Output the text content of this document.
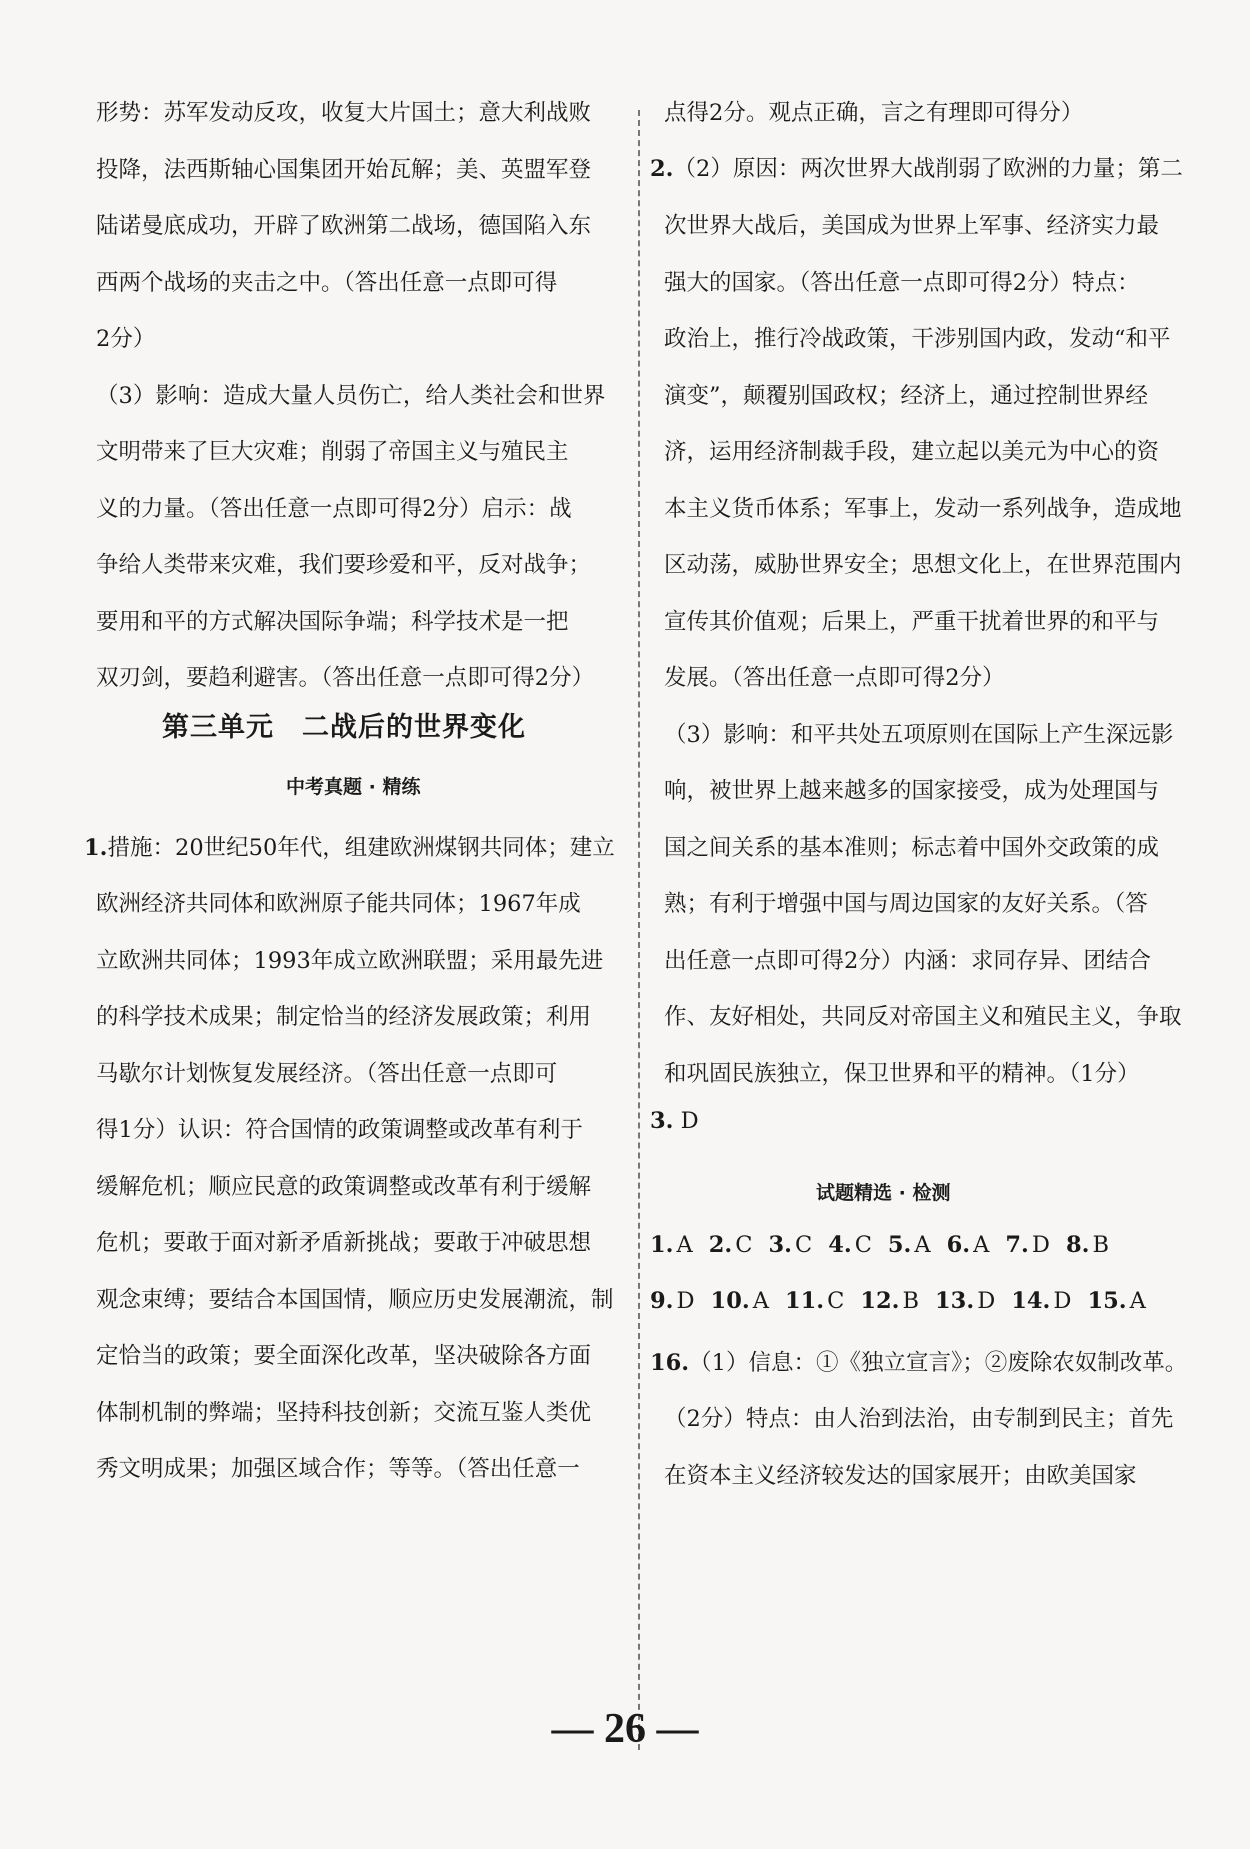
形势：苏军发动反攻，收复大片国土；意大利战败
投降，法西斯轴心国集团开始瓦解；美、英盟军登
陆诺曼底成功，开辟了欧洲第二战场，德国陷入东
西两个战场的夹击之中。（答出任意一点即可得
2分）
（3）影响：造成大量人员伤亡，给人类社会和世界
文明带来了巨大灾难；削弱了帝国主义与殖民主
义的力量。（答出任意一点即可得2分）启示：战
争给人类带来灾难，我们要珍爱和平，反对战争；
要用和平的方式解决国际争端；科学技术是一把
双刃剑，要趋利避害。（答出任意一点即可得2分）
第三单元　二战后的世界变化
中考真题 · 精练
1.措施：20世纪50年代，组建欧洲煤钢共同体；建立
欧洲经济共同体和欧洲原子能共同体；1967年成
立欧洲共同体；1993年成立欧洲联盟；采用最先进
的科学技术成果；制定恰当的经济发展政策；利用
马歇尔计划恢复发展经济。（答出任意一点即可
得1分）认识：符合国情的政策调整或改革有利于
缓解危机；顺应民意的政策调整或改革有利于缓解
危机；要敢于面对新矛盾新挑战；要敢于冲破思想
观念束缚；要结合本国国情，顺应历史发展潮流，制
定恰当的政策；要全面深化改革，坚决破除各方面
体制机制的弊端；坚持科技创新；交流互鉴人类优
秀文明成果；加强区域合作；等等。（答出任意一
点得2分。观点正确，言之有理即可得分）
2.（2）原因：两次世界大战削弱了欧洲的力量；第二
次世界大战后，美国成为世界上军事、经济实力最
强大的国家。（答出任意一点即可得2分）特点：
政治上，推行冷战政策，干涉别国内政，发动“和平
演变”，颠覆别国政权；经济上，通过控制世界经
济，运用经济制裁手段，建立起以美元为中心的资
本主义货币体系；军事上，发动一系列战争，造成地
区动荡，威胁世界安全；思想文化上，在世界范围内
宣传其价值观；后果上，严重干扰着世界的和平与
发展。（答出任意一点即可得2分）
（3）影响：和平共处五项原则在国际上产生深远影
响，被世界上越来越多的国家接受，成为处理国与
国之间关系的基本准则；标志着中国外交政策的成
熟；有利于增强中国与周边国家的友好关系。（答
出任意一点即可得2分）内涵：求同存异、团结合
作、友好相处，共同反对帝国主义和殖民主义，争取
和巩固民族独立，保卫世界和平的精神。（1分）
3. D
试题精选 · 检测
1. A 2. C 3. C 4. C 5. A 6. A 7. D 8. B
9. D 10. A 11. C 12. B 13. D 14. D 15. A
16.（1）信息：①《独立宣言》；②废除农奴制改革。
（2分）特点：由人治到法治，由专制到民主；首先
在资本主义经济较发达的国家展开；由欧美国家
— 26 —
